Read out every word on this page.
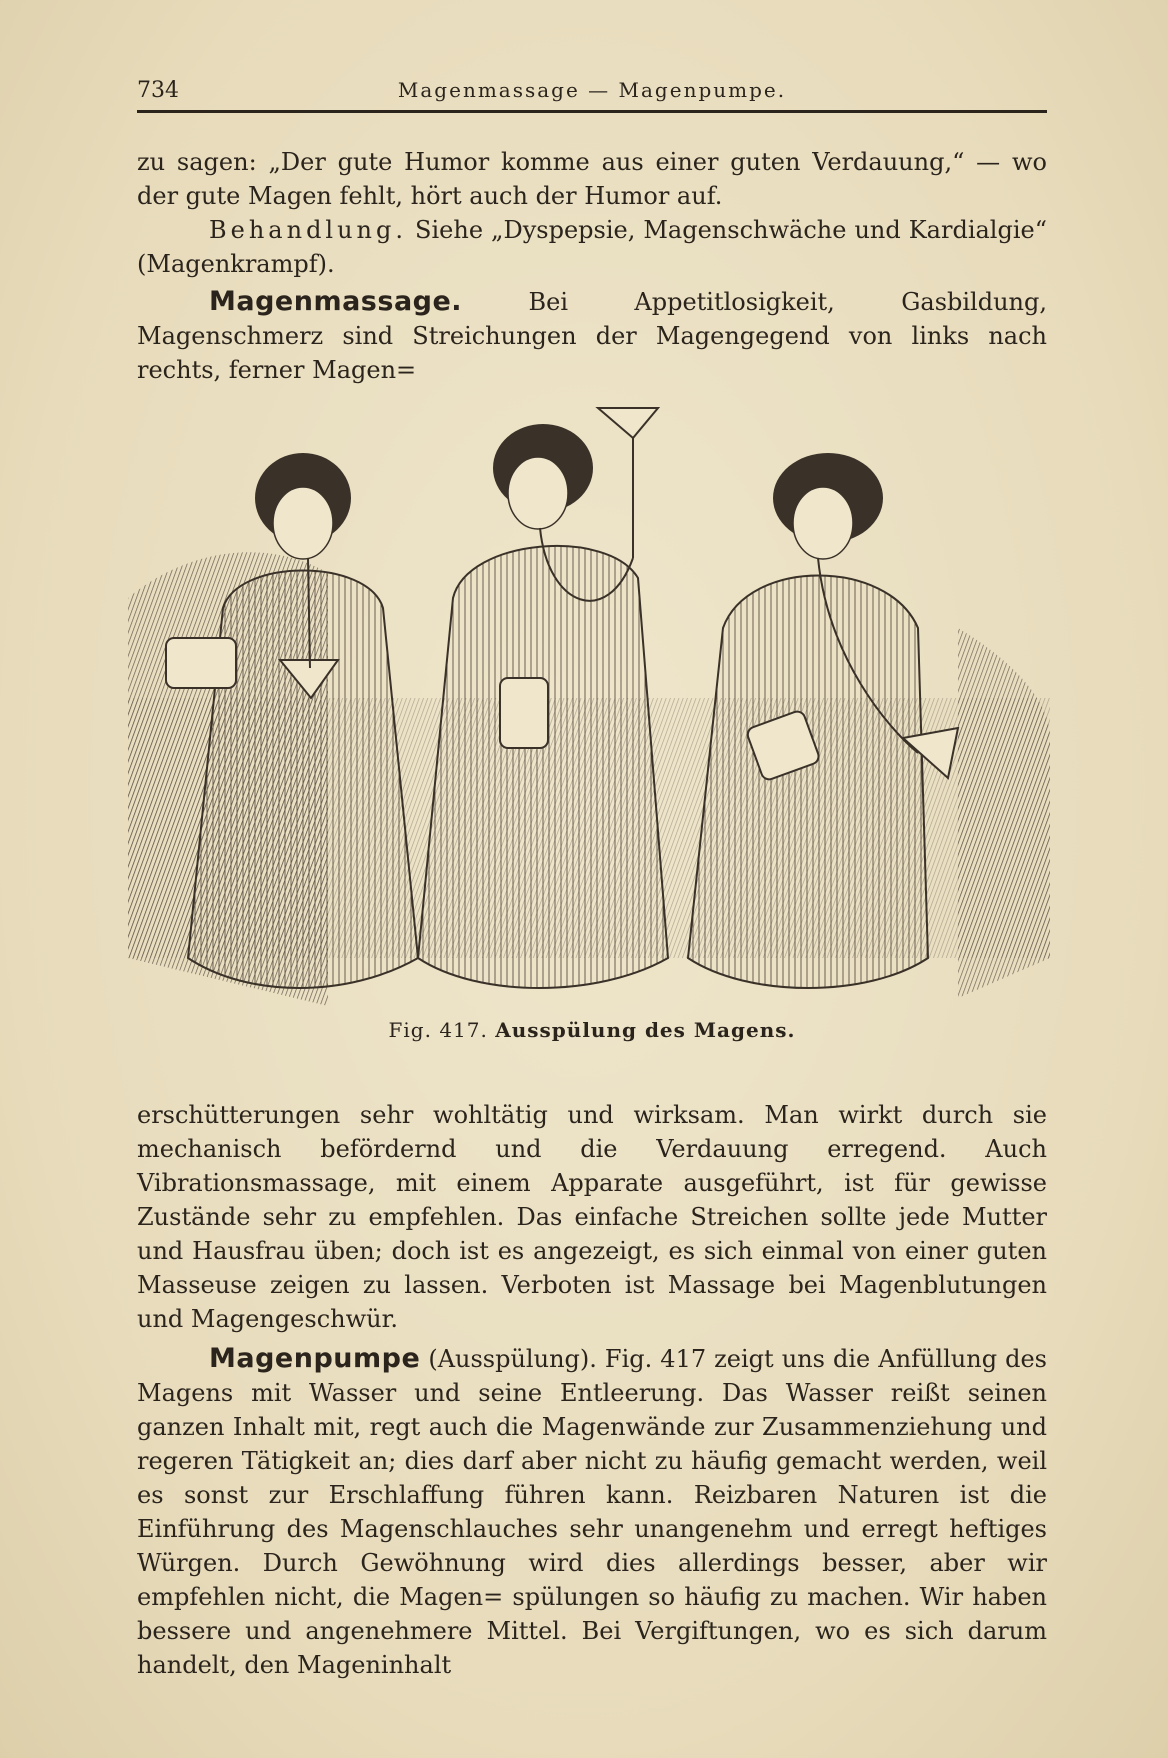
734	Magenmassage — Magenpumpe.

zu sagen: „Der gute Humor komme aus einer guten Verdauung,“ — wo der gute Magen fehlt, hört auch der Humor auf.

Behandlung. Siehe „Dyspepsie, Magenschwäche und Kardialgie“ (Magenkrampf).

Magenmassage. Bei Appetitlosigkeit, Gasbildung, Magenschmerz sind Streichungen der Magengegend von links nach rechts, ferner Magen=

Fig. 417. Ausspülung des Magens.

erschütterungen sehr wohltätig und wirksam. Man wirkt durch sie mechanisch befördernd und die Verdauung erregend. Auch Vibrationsmassage, mit einem Apparate ausgeführt, ist für gewisse Zustände sehr zu empfehlen. Das einfache Streichen sollte jede Mutter und Hausfrau üben; doch ist es angezeigt, es sich einmal von einer guten Masseuse zeigen zu lassen. Verboten ist Massage bei Magenblutungen und Magengeschwür.

Magenpumpe (Ausspülung). Fig. 417 zeigt uns die Anfüllung des Magens mit Wasser und seine Entleerung. Das Wasser reißt seinen ganzen Inhalt mit, regt auch die Magenwände zur Zusammenziehung und regeren Tätigkeit an; dies darf aber nicht zu häufig gemacht werden, weil es sonst zur Erschlaffung führen kann. Reizbaren Naturen ist die Einführung des Magenschlauches sehr unangenehm und erregt heftiges Würgen. Durch Gewöhnung wird dies allerdings besser, aber wir empfehlen nicht, die Magen= spülungen so häufig zu machen. Wir haben bessere und angenehmere Mittel. Bei Vergiftungen, wo es sich darum handelt, den Mageninhalt
